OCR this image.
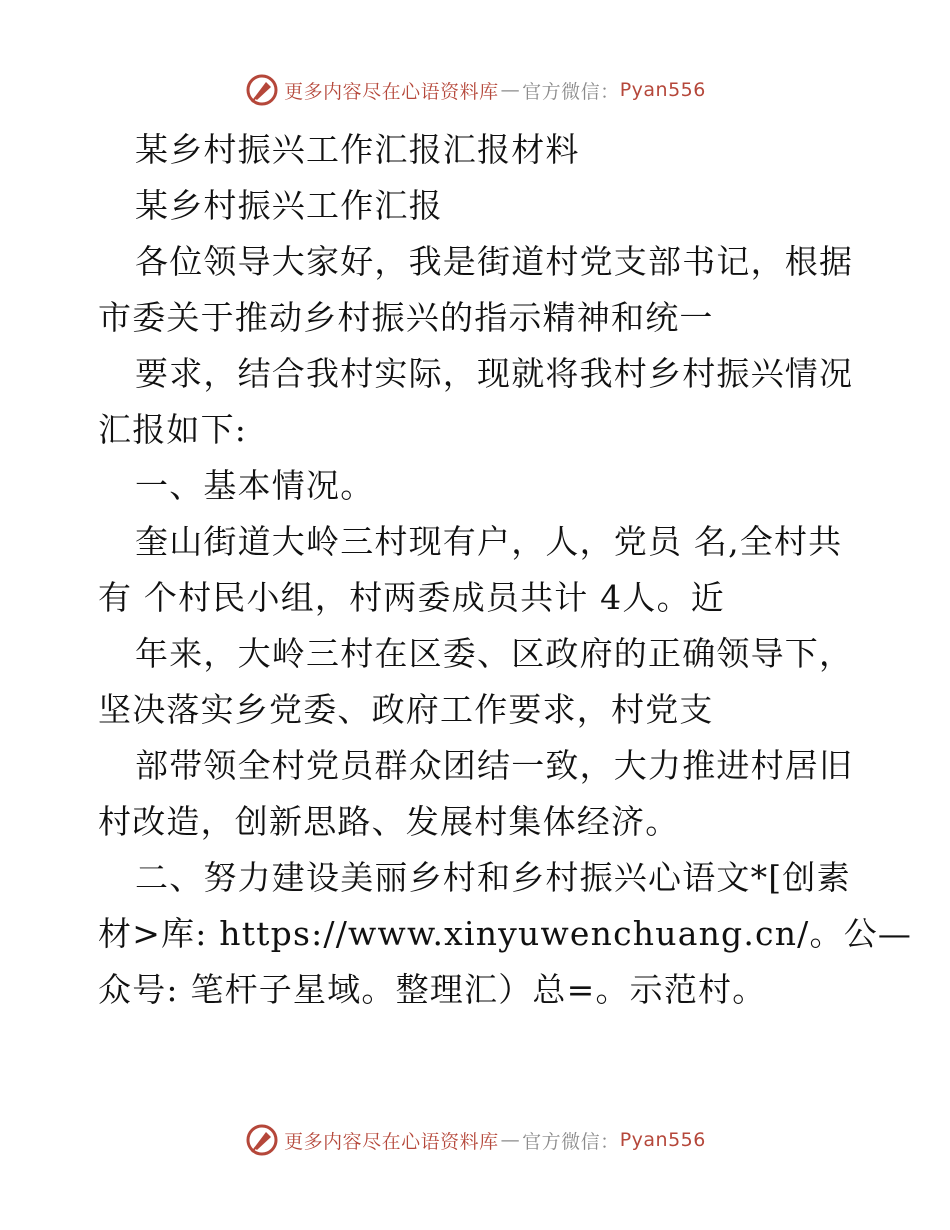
更多内容尽在心语资料库 — 官方微信： Pyan556
某乡村振兴工作汇报汇报材料
某乡村振兴工作汇报
各位领导大家好，我是街道村党支部书记，根据
市委关于推动乡村振兴的指示精神和统一
要求，结合我村实际，现就将我村乡村振兴情况
汇报如下:
一、基本情况。
奎山街道大岭三村现有户，人，党员 名,全村共
有 个村民小组，村两委成员共计 4人。近
年来，大岭三村在区委、区政府的正确领导下，
坚决落实乡党委、政府工作要求，村党支
部带领全村党员群众团结一致，大力推进村居旧
村改造，创新思路、发展村集体经济。
二、努力建设美丽乡村和乡村振兴心语文*[创素
材>库: https://www.xinyuwenchuang.cn/。公—
众号: 笔杆子星域。整理汇）总=。示范村。
更多内容尽在心语资料库 — 官方微信： Pyan556
